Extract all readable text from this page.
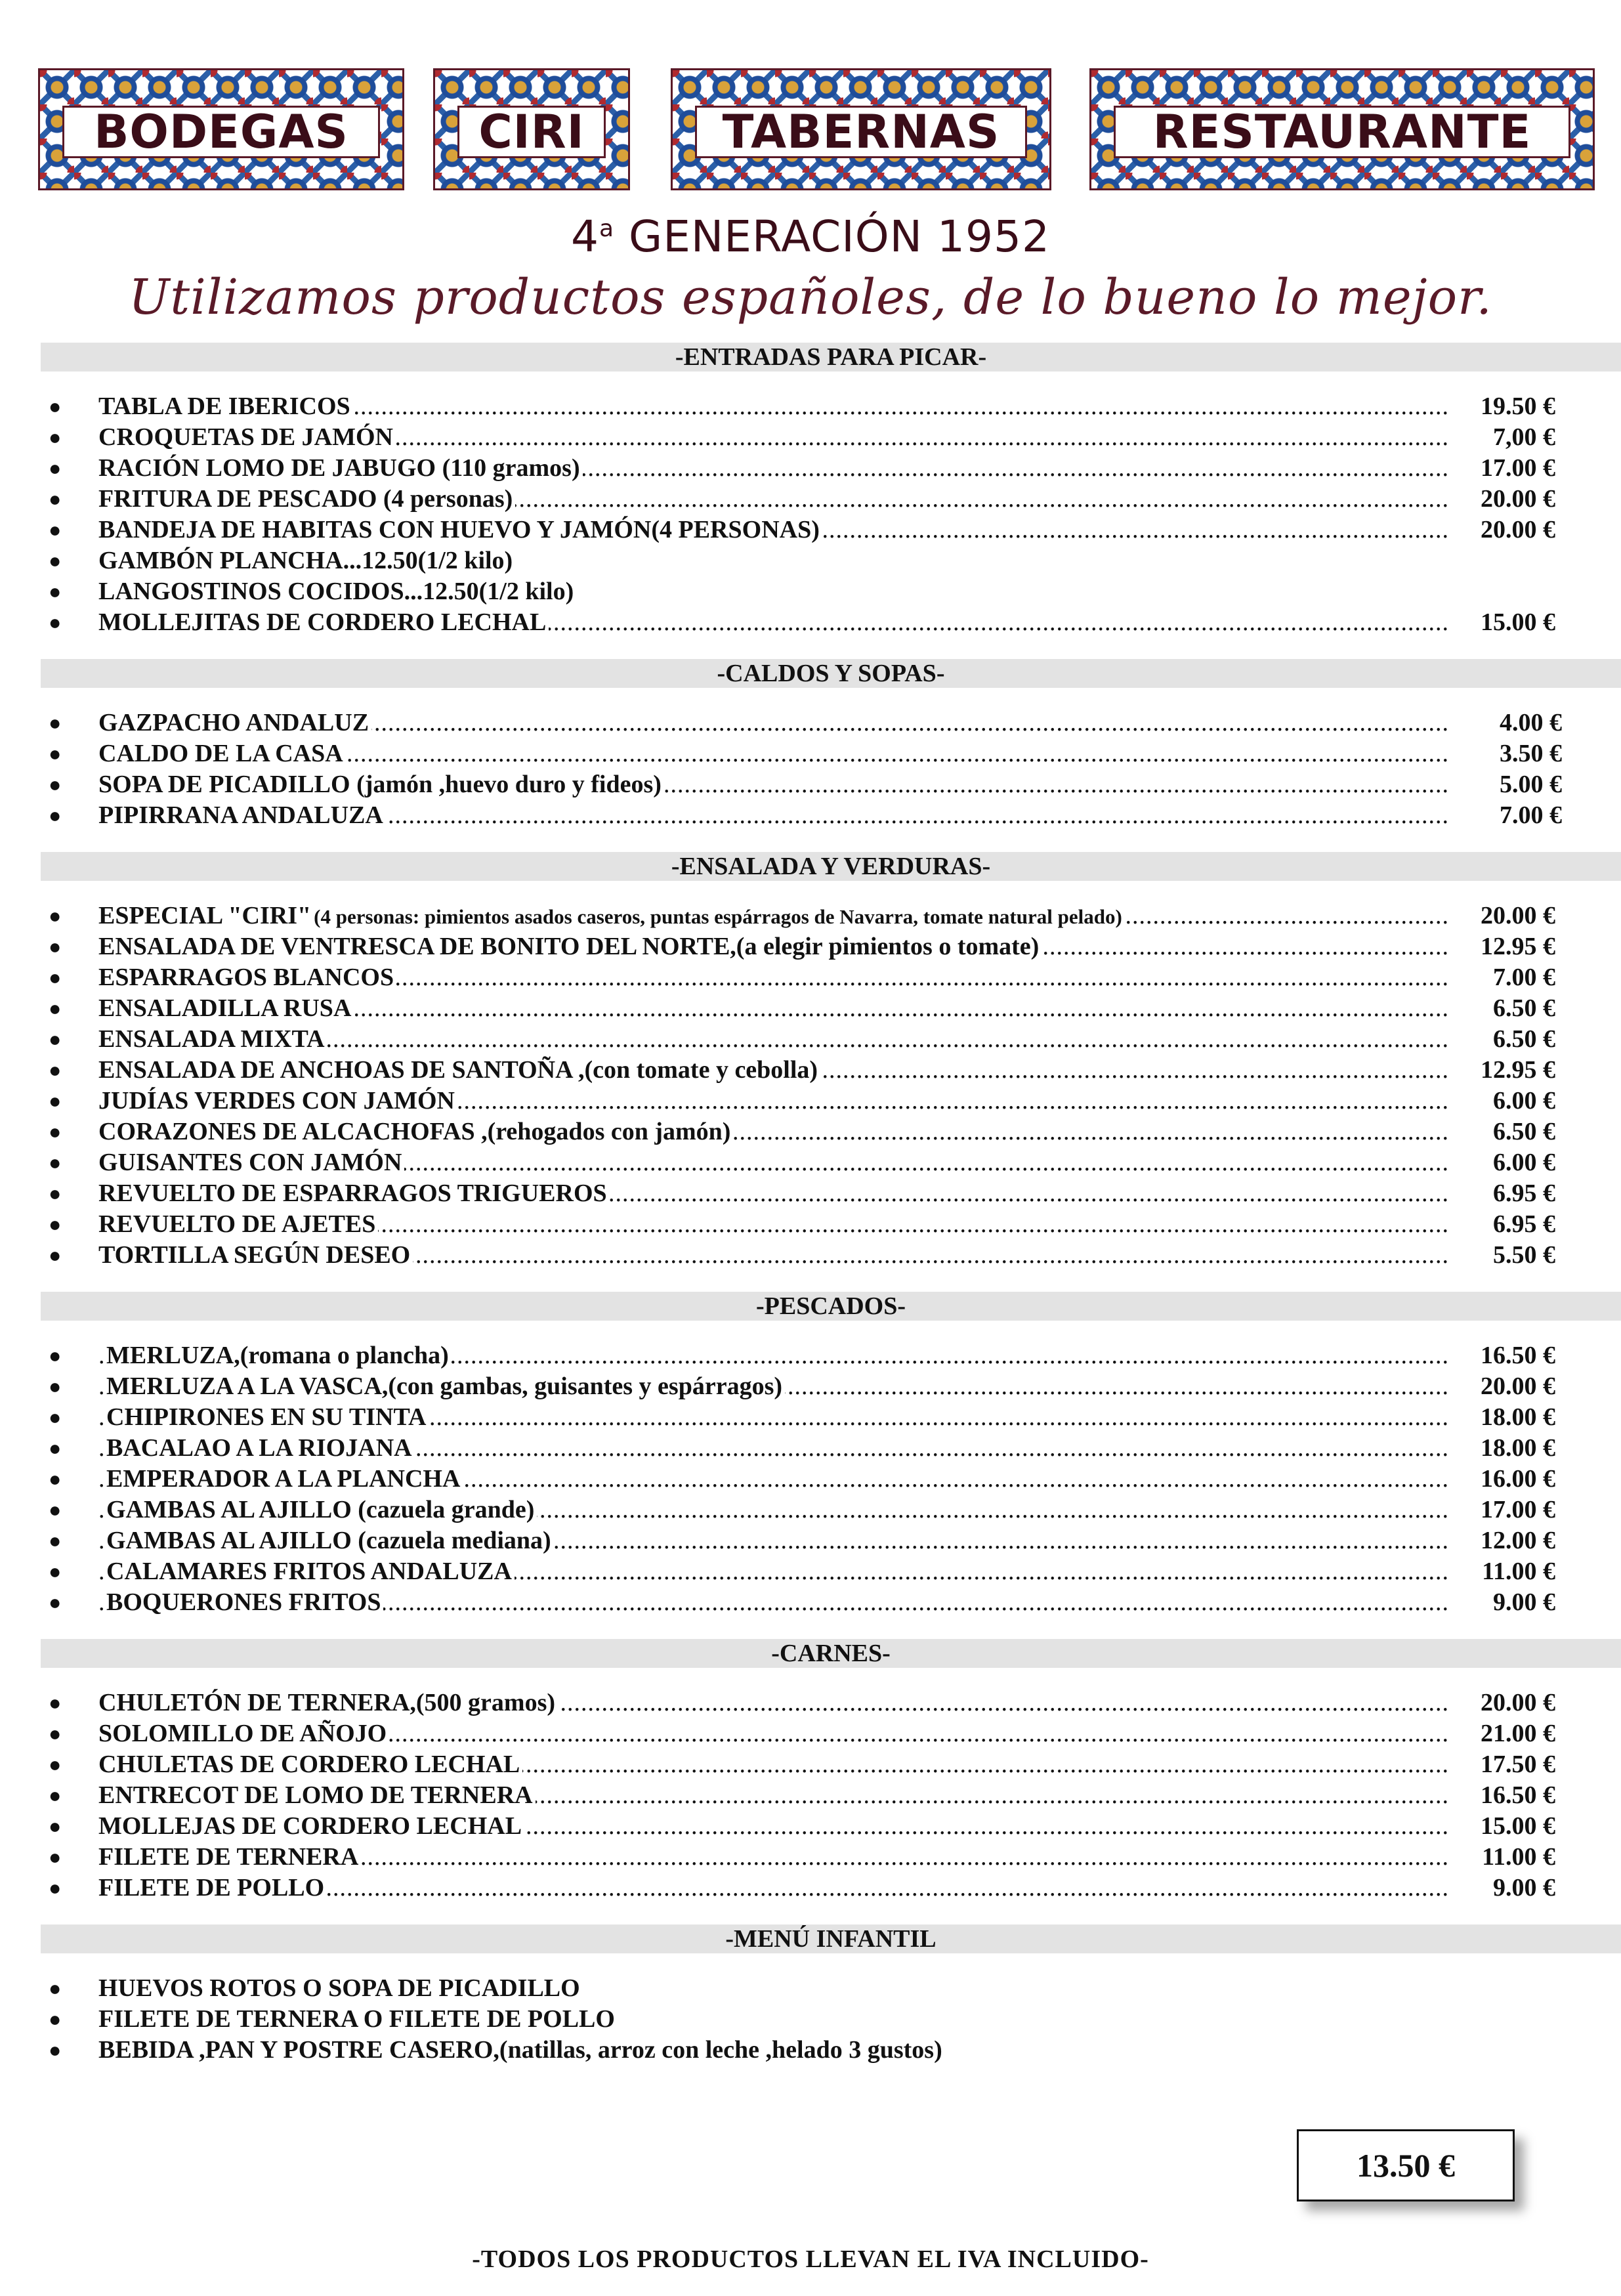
BODEGAS	CIRI	TABERNAS	RESTAURANTE
4$^a$ GENERACIÓN 1952
Utilizamos productos españoles, de lo bueno lo mejor.
-ENTRADAS PARA PICAR-
● ..... TABLA DE IBERICOS	19.50 €
● ..... CROQUETAS DE JAMÓN	7,00 €
● ..... RACIÓN LOMO DE JABUGO (110 gramos)	17.00 €
● ..... FRITURA DE PESCADO (4 personas)	20.00 €
● ..... BANDEJA DE HABITAS CON HUEVO Y JAMÓN(4 PERSONAS)	20.00 €
● GAMBÓN PLANCHA...12.50(1/2 kilo)
● LANGOSTINOS COCIDOS...12.50(1/2 kilo)
● ..... MOLLEJITAS DE CORDERO LECHAL	15.00 €
-CALDOS Y SOPAS-
● ..... GAZPACHO ANDALUZ	4.00 €
● ..... CALDO DE LA CASA	3.50 €
● ..... SOPA DE PICADILLO (jamón ,huevo duro y fideos)	5.00 €
● ..... PIPIRRANA ANDALUZA	7.00 €
-ENSALADA Y VERDURAS-
● ..... ESPECIAL "CIRI" (4 personas: pimientos asados caseros, puntas espárragos de Navarra, tomate natural pelado)	20.00 €
● ..... ENSALADA DE VENTRESCA DE BONITO DEL NORTE,(a elegir pimientos o tomate)	12.95 €
● ..... ESPARRAGOS BLANCOS	7.00 €
● ..... ENSALADILLA RUSA	6.50 €
● ..... ENSALADA MIXTA	6.50 €
● ..... ENSALADA DE ANCHOAS DE SANTOÑA ,(con tomate y cebolla)	12.95 €
● ..... JUDÍAS VERDES CON JAMÓN	6.00 €
● ..... CORAZONES DE ALCACHOFAS ,(rehogados con jamón)	6.50 €
● ..... GUISANTES CON JAMÓN	6.00 €
● ..... REVUELTO DE ESPARRAGOS TRIGUEROS	6.95 €
● ..... REVUELTO DE AJETES	6.95 €
● ..... TORTILLA SEGÚN DESEO	5.50 €
-PESCADOS-
● ..... MERLUZA,(romana o plancha)	16.50 €
● ..... MERLUZA A LA VASCA,(con gambas, guisantes y espárragos)	20.00 €
● ..... CHIPIRONES EN SU TINTA	18.00 €
● ..... BACALAO A LA RIOJANA	18.00 €
● ..... EMPERADOR A LA PLANCHA	16.00 €
● ..... GAMBAS AL AJILLO (cazuela grande)	17.00 €
● ..... GAMBAS AL AJILLO (cazuela mediana)	12.00 €
● ..... CALAMARES FRITOS ANDALUZA	11.00 €
● ..... BOQUERONES FRITOS	9.00 €
-CARNES-
● ..... CHULETÓN DE TERNERA,(500 gramos)	20.00 €
● ..... SOLOMILLO DE AÑOJO	21.00 €
● ..... CHULETAS DE CORDERO LECHAL	17.50 €
● ..... ENTRECOT DE LOMO DE TERNERA	16.50 €
● ..... MOLLEJAS DE CORDERO LECHAL	15.00 €
● ..... FILETE DE TERNERA	11.00 €
● ..... FILETE DE POLLO	9.00 €
-MENÚ INFANTIL
● HUEVOS ROTOS O SOPA DE PICADILLO
● FILETE DE TERNERA O FILETE DE POLLO
● BEBIDA ,PAN Y POSTRE CASERO,(natillas, arroz con leche ,helado 3 gustos)
13.50 €
-TODOS LOS PRODUCTOS LLEVAN EL IVA INCLUIDO-
